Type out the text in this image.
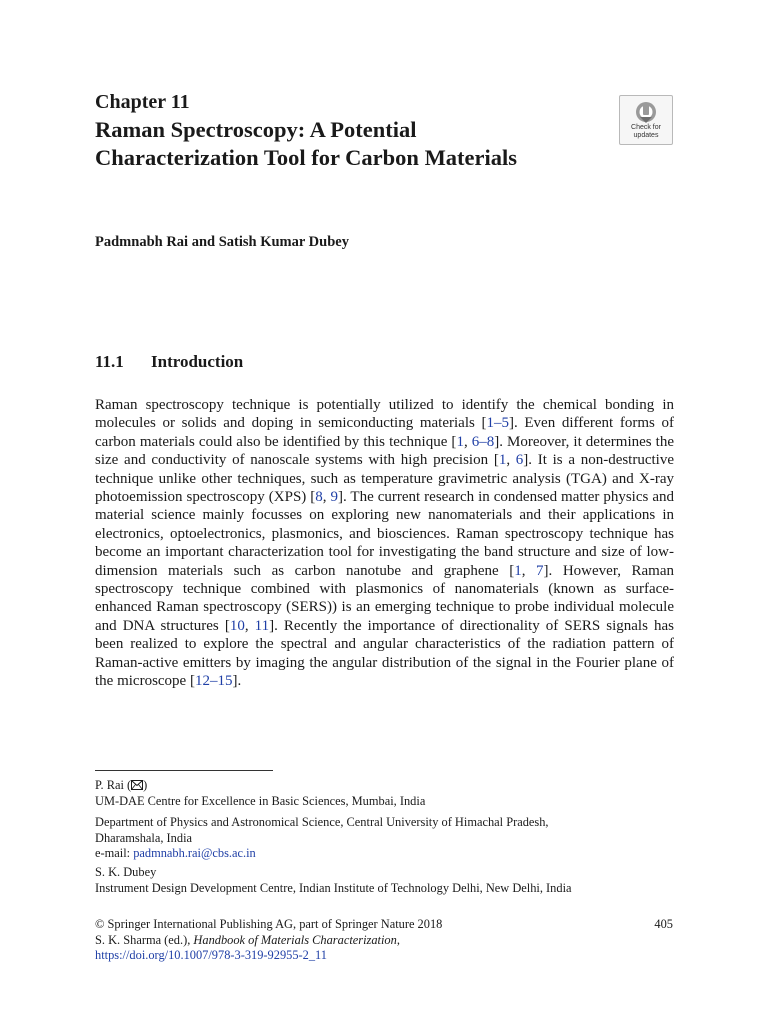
Chapter 11
Raman Spectroscopy: A Potential Characterization Tool for Carbon Materials
Check for
updates
Padmnabh Rai and Satish Kumar Dubey
11.1 Introduction

Raman spectroscopy technique is potentially utilized to identify the chemical bonding in molecules or solids and doping in semiconducting materials [1–5]. Even different forms of carbon materials could also be identified by this technique [1, 6–8]. Moreover, it determines the size and conductivity of nanoscale systems with high precision [1, 6]. It is a non-destructive technique unlike other techniques, such as temperature gravimetric analysis (TGA) and X-ray photoemission spectroscopy (XPS) [8, 9]. The current research in condensed matter physics and material science mainly focusses on exploring new nanomaterials and their applications in electronics, optoelectronics, plasmonics, and biosciences. Raman spectroscopy technique has become an important characterization tool for investigating the band structure and size of low-dimension materials such as carbon nanotube and graphene [1, 7]. However, Raman spectroscopy technique combined with plasmonics of nanomaterials (known as surface-enhanced Raman spectroscopy (SERS)) is an emerging technique to probe individual molecule and DNA structures [10, 11]. Recently the importance of directionality of SERS signals has been realized to explore the spectral and angular characteristics of the radiation pattern of Raman-active emitters by imaging the angular distribution of the signal in the Fourier plane of the microscope [12–15].

P. Rai ( )
UM-DAE Centre for Excellence in Basic Sciences, Mumbai, India
Department of Physics and Astronomical Science, Central University of Himachal Pradesh,
Dharamshala, India
e-mail: padmnabh.rai@cbs.ac.in
S. K. Dubey
Instrument Design Development Centre, Indian Institute of Technology Delhi, New Delhi, India
© Springer International Publishing AG, part of Springer Nature 2018
S. K. Sharma (ed.), Handbook of Materials Characterization,
https://doi.org/10.1007/978-3-319-92955-2_11
405
